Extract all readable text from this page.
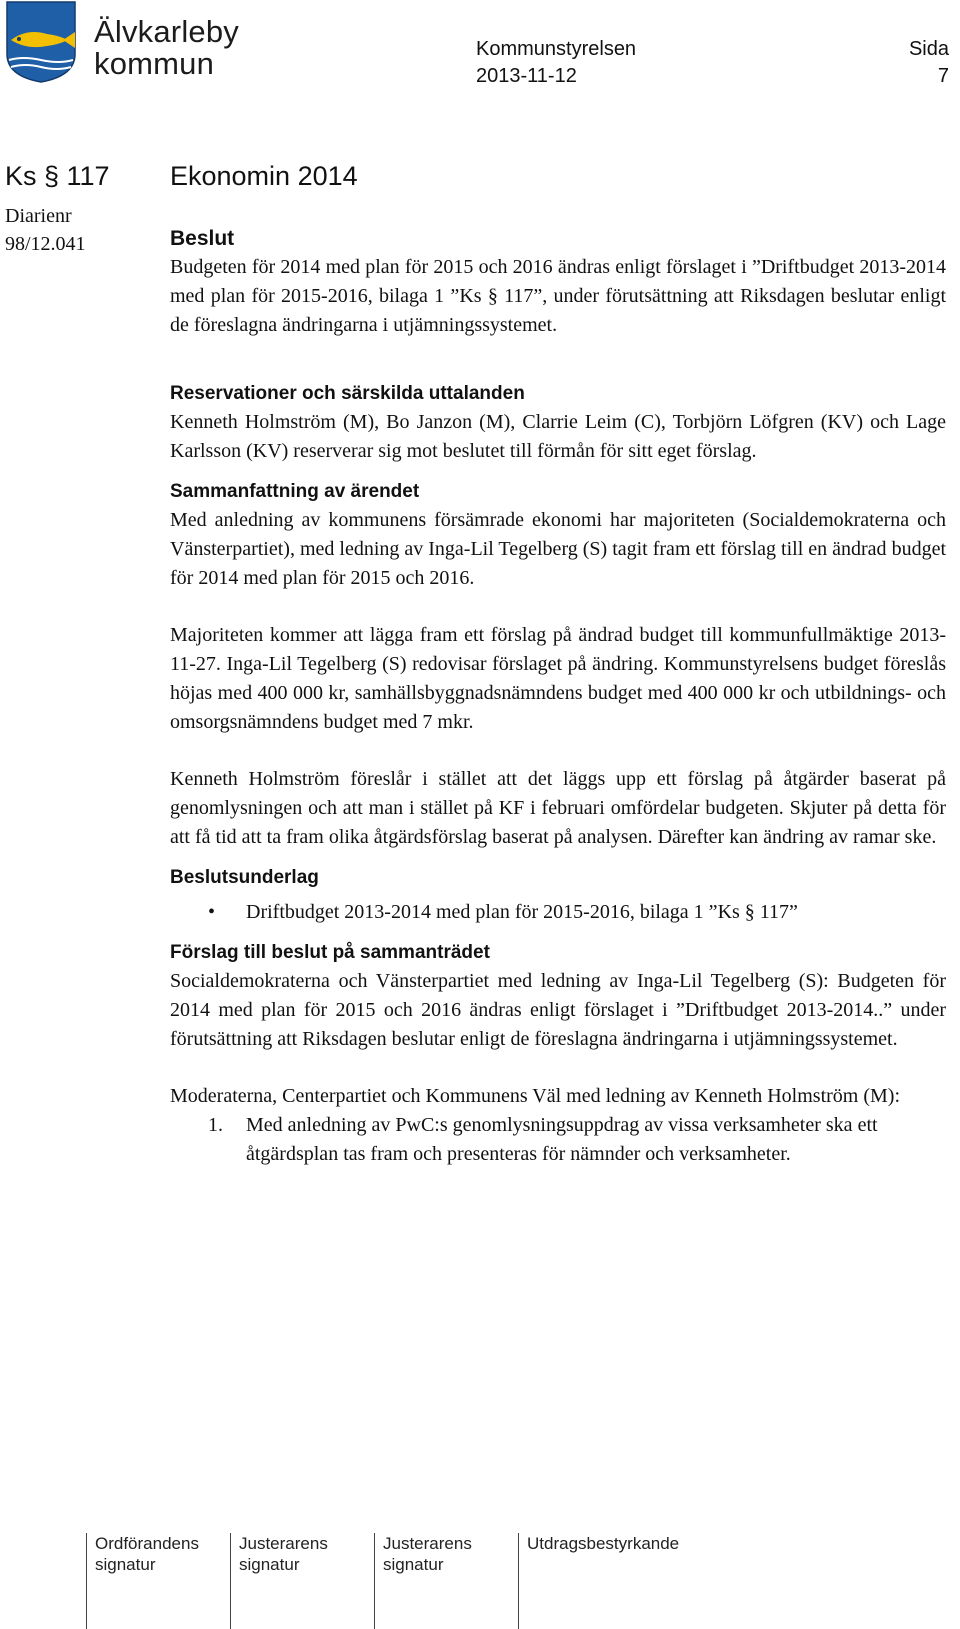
Älvkarleby
kommun	Kommunstyrelsen
2013-11-12
Sida
7
Ks § 117 Ekonomin 2014
Diarienr
98/12.041	Beslut

Budgeten för 2014 med plan för 2015 och 2016 ändras enligt förslaget i ”Driftbudget 2013-2014 med plan för 2015-2016, bilaga 1 ”Ks § 117”, under förutsättning att Riksdagen beslutar enligt de föreslagna ändringarna i utjämningssystemet.

Reservationer och särskilda uttalanden

Kenneth Holmström (M), Bo Janzon (M), Clarrie Leim (C), Torbjörn Löfgren (KV) och Lage Karlsson (KV) reserverar sig mot beslutet till förmån för sitt eget förslag.

Sammanfattning av ärendet

Med anledning av kommunens försämrade ekonomi har majoriteten (Socialdemokraterna och Vänsterpartiet), med ledning av Inga-Lil Tegelberg (S) tagit fram ett förslag till en ändrad budget för 2014 med plan för 2015 och 2016.

Majoriteten kommer att lägga fram ett förslag på ändrad budget till kommunfullmäktige 2013-11-27. Inga-Lil Tegelberg (S) redovisar förslaget på ändring. Kommunstyrelsens budget föreslås höjas med 400 000 kr, samhällsbyggnadsnämndens budget med 400 000 kr och utbildnings- och omsorgsnämndens budget med 7 mkr.

Kenneth Holmström föreslår i stället att det läggs upp ett förslag på åtgärder baserat på genomlysningen och att man i stället på KF i februari omfördelar budgeten. Skjuter på detta för att få tid att ta fram olika åtgärdsförslag baserat på analysen. Därefter kan ändring av ramar ske.

Beslutsunderlag
• Driftbudget 2013-2014 med plan för 2015-2016, bilaga 1 ”Ks § 117”
Förslag till beslut på sammanträdet

Socialdemokraterna och Vänsterpartiet med ledning av Inga-Lil Tegelberg (S): Budgeten för 2014 med plan för 2015 och 2016 ändras enligt förslaget i ”Driftbudget 2013-2014..” under förutsättning att Riksdagen beslutar enligt de föreslagna ändringarna i utjämningssystemet.

Moderaterna, Centerpartiet och Kommunens Väl med ledning av Kenneth Holmström (M):

1. Med anledning av PwC:s genomlysningsuppdrag av vissa verksamheter ska ett åtgärdsplan tas fram och presenteras för nämnder och verksamheter.
Ordförandens
signatur
Justerarens
signatur
Justerarens
signatur
Utdragsbestyrkande
